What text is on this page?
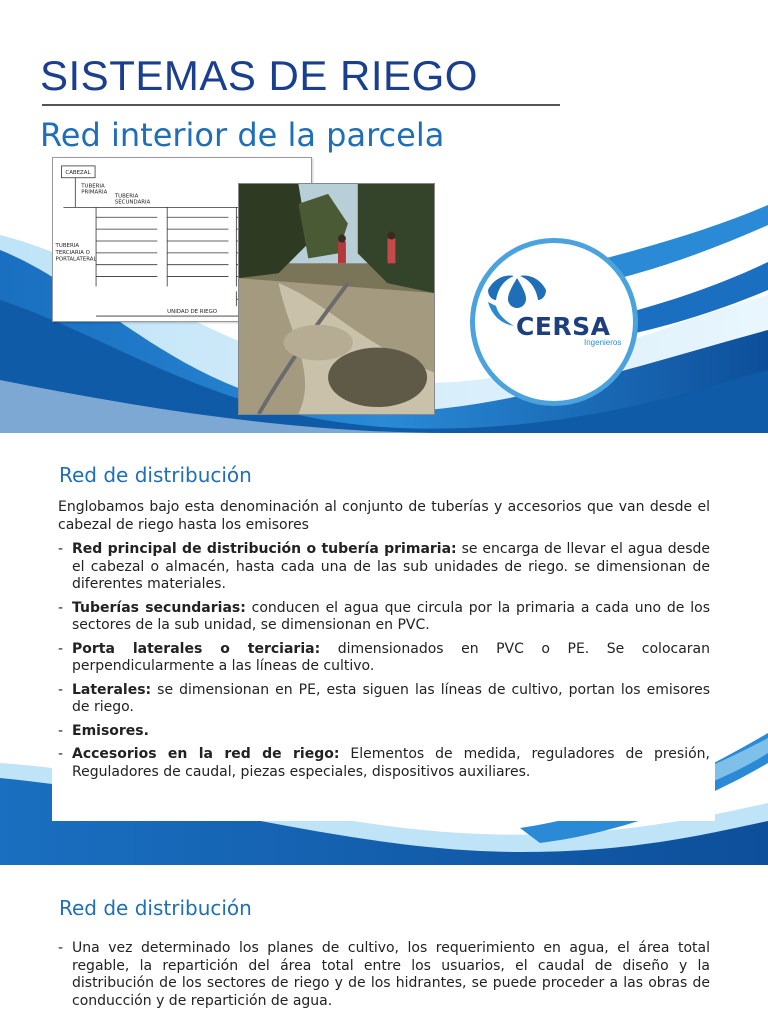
SISTEMAS DE RIEGO
Red interior de la parcela
CABEZAL
TUBERIA
PRIMARIA
TUBERIA
SECUNDARIA
TUBERIA
TERCIARIA O
PORTALATERAL
UNIDAD DE RIEGO	CERSA
Ingenieros
Red de distribución

Englobamos bajo esta denominación al conjunto de tuberías y accesorios que van desde el cabezal de riego hasta los emisores

- Red principal de distribución o tubería primaria: se encarga de llevar el agua desde el cabezal o almacén, hasta cada una de las sub unidades de riego. se dimensionan de diferentes materiales.
- Tuberías secundarias: conducen el agua que circula por la primaria a cada uno de los sectores de la sub unidad, se dimensionan en PVC.
- Porta laterales o terciaria: dimensionados en PVC o PE. Se colocaran perpendicularmente a las líneas de cultivo.
- Laterales: se dimensionan en PE, esta siguen las líneas de cultivo, portan los emisores de riego.
- Emisores.
- Accesorios en la red de riego: Elementos de medida, reguladores de presión, Reguladores de caudal, piezas especiales, dispositivos auxiliares.
Red de distribución
- Una vez determinado los planes de cultivo, los requerimiento en agua, el área total regable, la repartición del área total entre los usuarios, el caudal de diseño y la distribución de los sectores de riego y de los hidrantes, se puede proceder a las obras de conducción y de repartición de agua.
